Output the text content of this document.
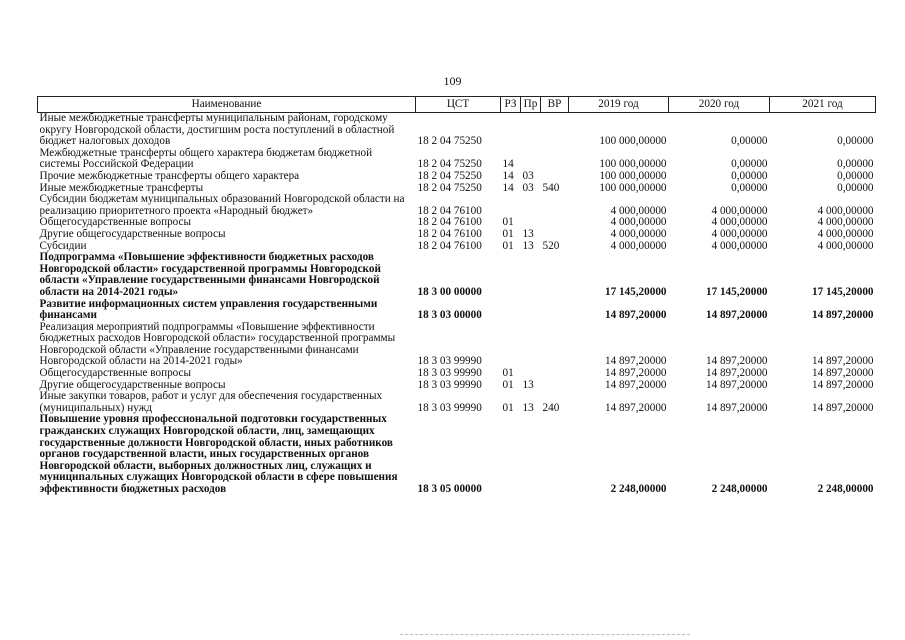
109
Наименование	ЦСТ	РЗ	Пр	ВР	2019 год	2020 год	2021 год
Иные межбюджетные трансферты муниципальным районам, городскому округу Новгородской области, достигшим роста поступлений в областной бюджет налоговых доходов	18 2 04 75250				100 000,00000	0,00000	0,00000
Межбюджетные трансферты общего характера бюджетам бюджетной системы Российской Федерации	18 2 04 75250	14			100 000,00000	0,00000	0,00000
Прочие межбюджетные трансферты общего характера	18 2 04 75250	14	03		100 000,00000	0,00000	0,00000
Иные межбюджетные трансферты	18 2 04 75250	14	03	540	100 000,00000	0,00000	0,00000
Субсидии бюджетам муниципальных образований Новгородской области на реализацию приоритетного проекта «Народный бюджет»	18 2 04 76100				4 000,00000	4 000,00000	4 000,00000
Общегосударственные вопросы	18 2 04 76100	01			4 000,00000	4 000,00000	4 000,00000
Другие общегосударственные вопросы	18 2 04 76100	01	13		4 000,00000	4 000,00000	4 000,00000
Субсидии	18 2 04 76100	01	13	520	4 000,00000	4 000,00000	4 000,00000
Подпрограмма «Повышение эффективности бюджетных расходов Новгородской области» государственной программы Новгородской области «Управление государственными финансами Новгородской области на 2014-2021 годы»	18 3 00 00000				17 145,20000	17 145,20000	17 145,20000
Развитие информационных систем управления государственными финансами	18 3 03 00000				14 897,20000	14 897,20000	14 897,20000
Реализация мероприятий подпрограммы «Повышение эффективности бюджетных расходов Новгородской области» государственной программы Новгородской области «Управление государственными финансами Новгородской области на 2014-2021 годы»	18 3 03 99990				14 897,20000	14 897,20000	14 897,20000
Общегосударственные вопросы	18 3 03 99990	01			14 897,20000	14 897,20000	14 897,20000
Другие общегосударственные вопросы	18 3 03 99990	01	13		14 897,20000	14 897,20000	14 897,20000
Иные закупки товаров, работ и услуг для обеспечения государственных (муниципальных) нужд	18 3 03 99990	01	13	240	14 897,20000	14 897,20000	14 897,20000
Повышение уровня профессиональной подготовки государственных гражданских служащих Новгородской области, лиц, замещающих государственные должности Новгородской области, иных работников органов государственной власти, иных государственных органов Новгородской области, выборных должностных лиц, служащих и муниципальных служащих Новгородской области в сфере повышения эффективности бюджетных расходов	18 3 05 00000				2 248,00000	2 248,00000	2 248,00000
